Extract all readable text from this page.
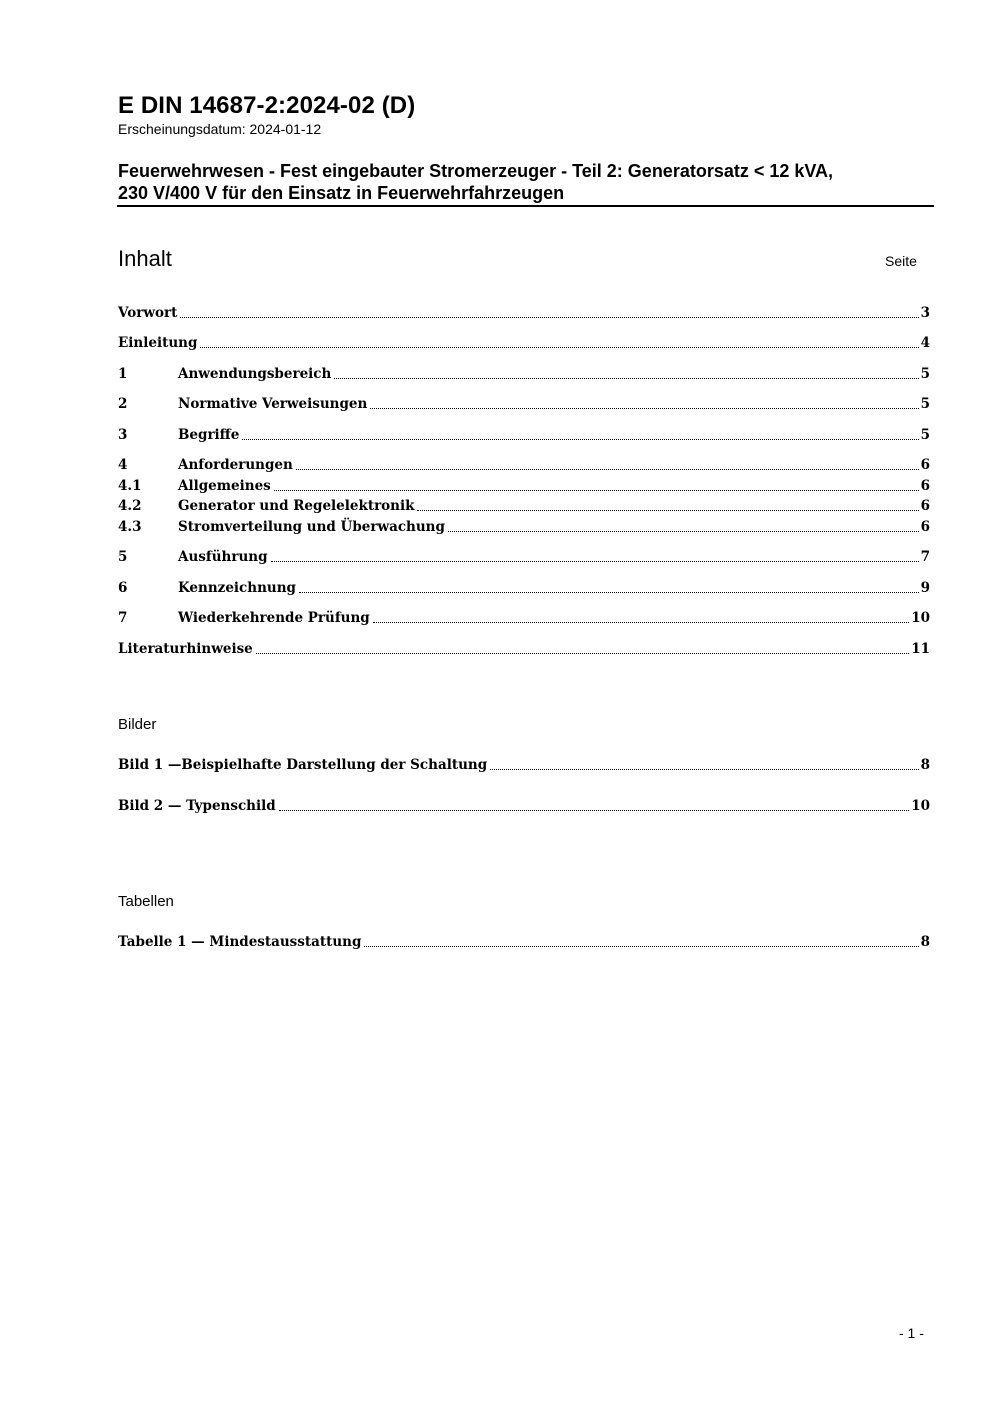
E DIN 14687-2:2024-02 (D)
Erscheinungsdatum: 2024-01-12
Feuerwehrwesen - Fest eingebauter Stromerzeuger - Teil 2: Generatorsatz < 12 kVA,
230 V/400 V für den Einsatz in Feuerwehrfahrzeugen
Inhalt	Seite
Vorwort	3
Einleitung	4
1	Anwendungsbereich	5
2	Normative Verweisungen	5
3	Begriffe	5
4	Anforderungen	6
4.1	Allgemeines	6
4.2	Generator und Regelelektronik	6
4.3	Stromverteilung und Überwachung	6
5	Ausführung	7
6	Kennzeichnung	9
7	Wiederkehrende Prüfung	10
Literaturhinweise	11
Bilder
Bild 1 —Beispielhafte Darstellung der Schaltung	8
Bild 2 — Typenschild	10
Tabellen
Tabelle 1 — Mindestausstattung	8
- 1 -
